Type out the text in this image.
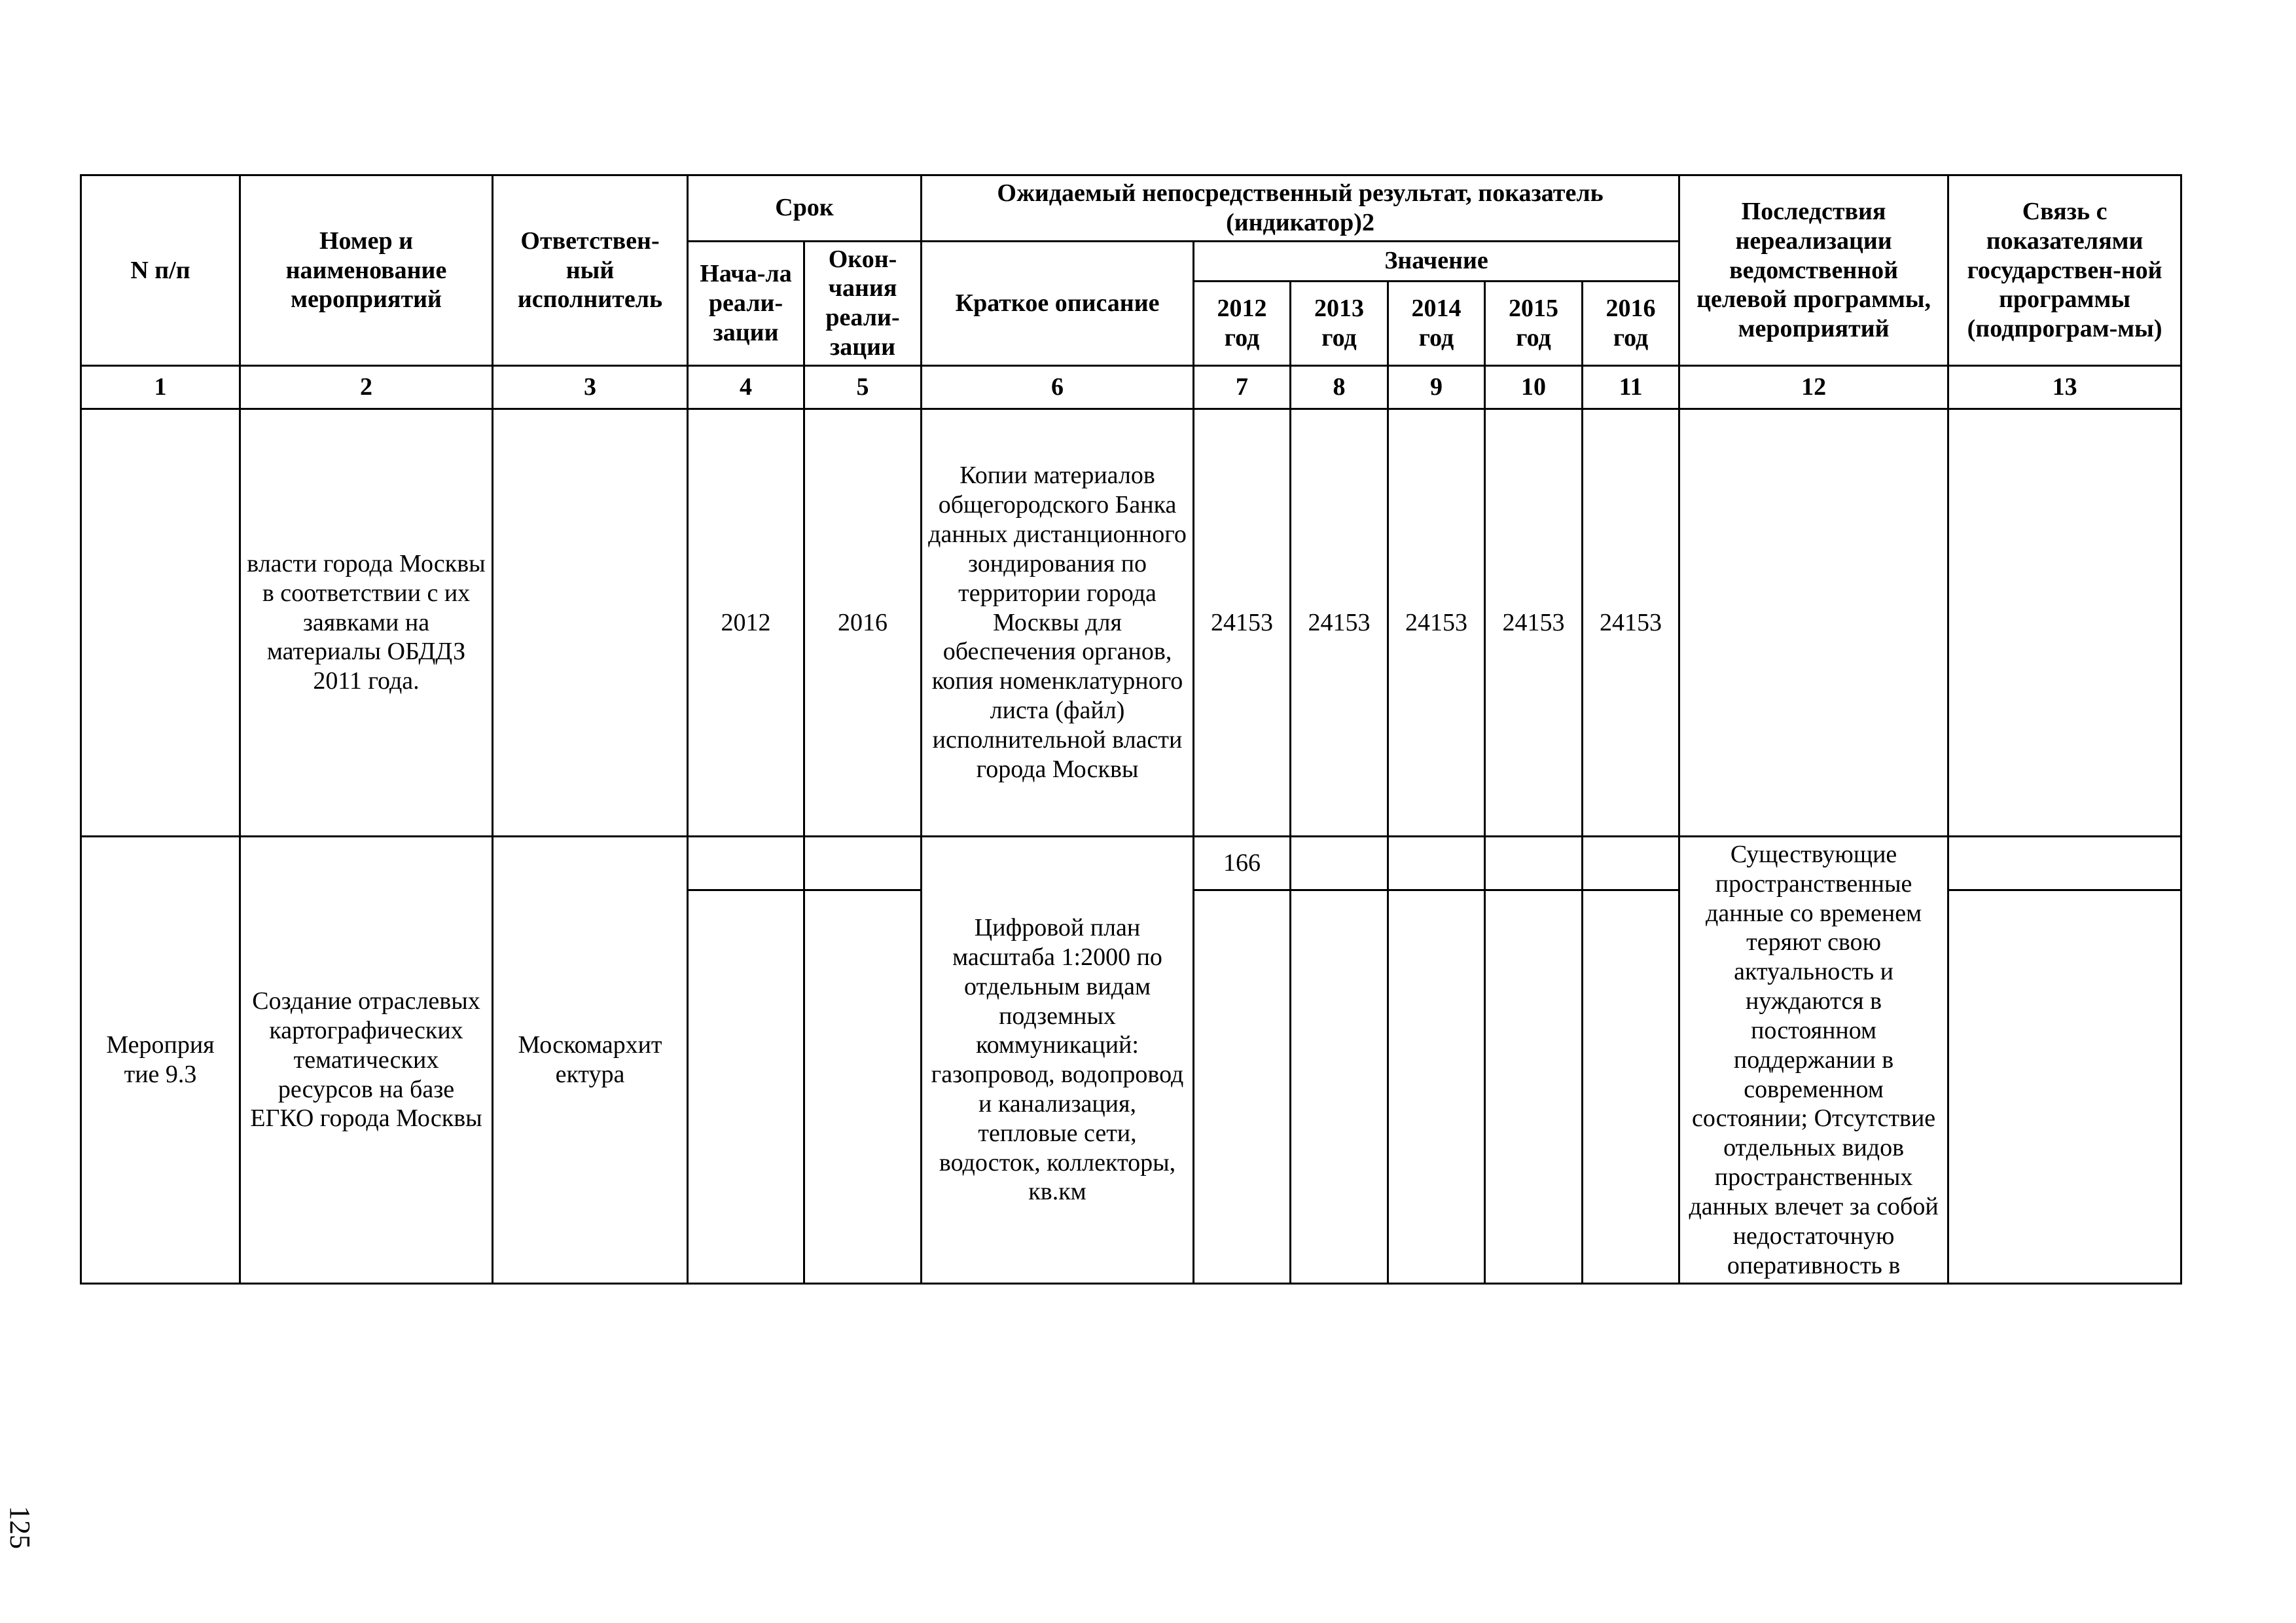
N п/п	Номер и наименование мероприятий	Ответствен-ный исполнитель	Срок		Ожидаемый непосредственный результат, показатель (индикатор)2						Последствия нереализации ведомственной целевой программы, мероприятий	Связь с показателями государствен-ной программы (подпрограм-мы)
			Нача-ла реали-зации	Окон-чания реали-зации	Краткое описание	Значение						
						2012 год	2013 год	2014 год	2015 год	2016 год		
1	2	3	4	5	6	7	8	9	10	11	12	13
	власти города Москвы в соответствии с их заявками на материалы ОБДДЗ 2011 года.		2012	2016	Копии материалов общегородского Банка данных дистанционного зондирования по территории города Москвы для обеспечения органов, копия номенклатурного листа (файл) исполнительной власти города Москвы	24153	24153	24153	24153	24153		
Мероприя тие 9.3	Создание отраслевых картографических тематических ресурсов на базе ЕГКО города Москвы	Москомархит ектура			Цифровой план масштаба 1:2000 по отдельным видам подземных коммуникаций: газопровод, водопровод и канализация, тепловые сети, водосток, коллекторы, кв.км	166					Существующие пространственные данные со временем теряют свою актуальность и нуждаются в постоянном поддержании в современном состоянии; Отсутствие отдельных видов пространственных данных влечет за собой недостаточную оперативность в	

125
